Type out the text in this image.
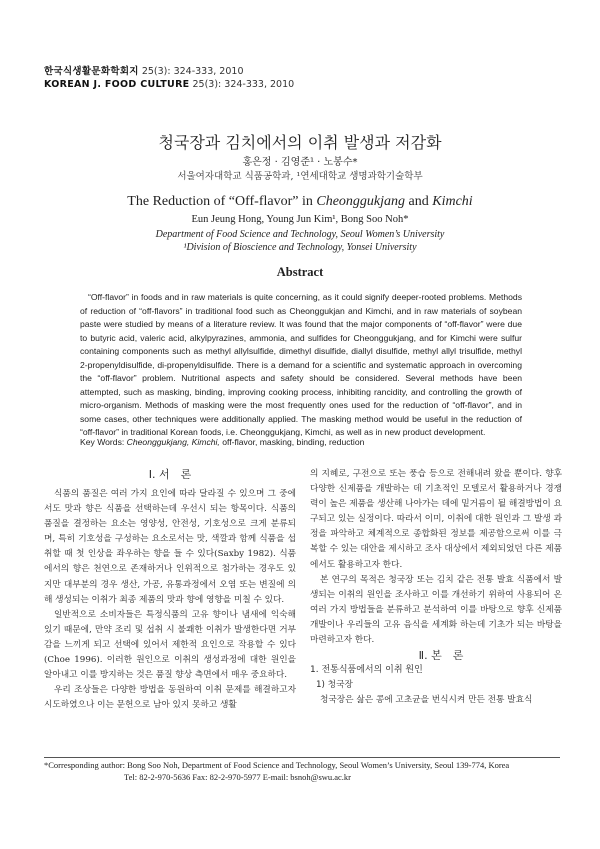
한국식생활문화학회지 25(3): 324-333, 2010
KOREAN J. FOOD CULTURE 25(3): 324-333, 2010
청국장과 김치에서의 이취 발생과 저감화
홍은정 · 김영준¹ · 노봉수*
서울여자대학교 식품공학과, ¹연세대학교 생명과학기술학부
The Reduction of “Off-flavor” in Cheonggukjang and Kimchi
Eun Jeung Hong, Young Jun Kim¹, Bong Soo Noh*
Department of Food Science and Technology, Seoul Women’s University
¹Division of Bioscience and Technology, Yonsei University
Abstract

“Off-flavor” in foods and in raw materials is quite concerning, as it could signify deeper-rooted problems. Methods of reduction of “off-flavors” in traditional food such as Cheonggukjan and Kimchi, and in raw materials of soybean paste were studied by means of a literature review. It was found that the major components of “off-flavor” were due to butyric acid, valeric acid, alkylpyrazines, ammonia, and sulfides for Cheonggukjang, and for Kimchi were sulfur containing components such as methyl allylsulfide, dimethyl disulfide, diallyl disulfide, methyl allyl trisulfide, methyl 2-propenyldisulfide, di-propenyldisulfide. There is a demand for a scientific and systematic approach in overcoming the “off-flavor” problem. Nutritional aspects and safety should be considered. Several methods have been attempted, such as masking, binding, improving cooking process, inhibiting rancidity, and controlling the growth of micro-organism. Methods of masking were the most frequently ones used for the reduction of “off-flavor”, and in some cases, other techniques were additionally applied. The masking method would be useful in the reduction of “off-flavor” in traditional Korean foods, i.e. Cheonggukjang, Kimchi, as well as in new product development.

Key Words: Cheonggukjang, Kimchi, off-flavor, masking, binding, reduction

Ⅰ. 서　론

식품의 품질은 여러 가지 요인에 따라 달라질 수 있으며 그 중에서도 맛과 향은 식품을 선택하는데 우선시 되는 항목이다. 식품의 품질을 결정하는 요소는 영양성, 안전성, 기호성으로 크게 분류되며, 특히 기호성을 구성하는 요소로서는 맛, 색깔과 함께 식품을 섭취할 때 첫 인상을 좌우하는 향을 들 수 있다(Saxby 1982). 식품에서의 향은 천연으로 존재하거나 인위적으로 첨가하는 경우도 있지만 대부분의 경우 생산, 가공, 유통과정에서 오염 또는 변질에 의해 생성되는 이취가 최종 제품의 맛과 향에 영향을 미칠 수 있다.

일반적으로 소비자들은 특정식품의 고유 향이나 냄새에 익숙해 있기 때문에, 만약 조리 및 섭취 시 불쾌한 이취가 발생한다면 거부감을 느끼게 되고 선택에 있어서 제한적 요인으로 작용할 수 있다(Choe 1996). 이러한 원인으로 이취의 생성과정에 대한 원인을 알아내고 이를 방지하는 것은 품질 향상 측면에서 매우 중요하다.

우리 조상들은 다양한 방법을 동원하여 이취 문제를 해결하고자 시도하였으나 이는 문헌으로 남아 있지 못하고 생활

의 지혜로, 구전으로 또는 풍습 등으로 전해내려 왔을 뿐이다. 향후 다양한 신제품을 개발하는 데 기초적인 모델로서 활용하거나 경쟁력이 높은 제품을 생산해 나아가는 데에 밑거름이 될 해결방법이 요구되고 있는 실정이다. 따라서 이미, 이취에 대한 원인과 그 발생 과정을 파악하고 체계적으로 종합화된 정보를 제공함으로써 이를 극복할 수 있는 대안을 제시하고 조사 대상에서 제외되었던 다른 제품에서도 활용하고자 한다.

본 연구의 목적은 청국장 또는 김치 같은 전통 발효 식품에서 발생되는 이취의 원인을 조사하고 이를 개선하기 위하여 사용되어 온 여러 가지 방법들을 분류하고 분석하여 이를 바탕으로 향후 신제품 개발이나 우리들의 고유 음식을 세계화 하는데 기초가 되는 바탕을 마련하고자 한다.

Ⅱ. 본　론

1. 전통식품에서의 이취 원인

1) 청국장

청국장은 삶은 콩에 고초균을 번식시켜 만든 전통 발효식

*Corresponding author: Bong Soo Noh, Department of Food Science and Technology, Seoul Women’s University, Seoul 139-774, Korea
Tel: 82-2-970-5636 Fax: 82-2-970-5977 E-mail: bsnoh@swu.ac.kr
